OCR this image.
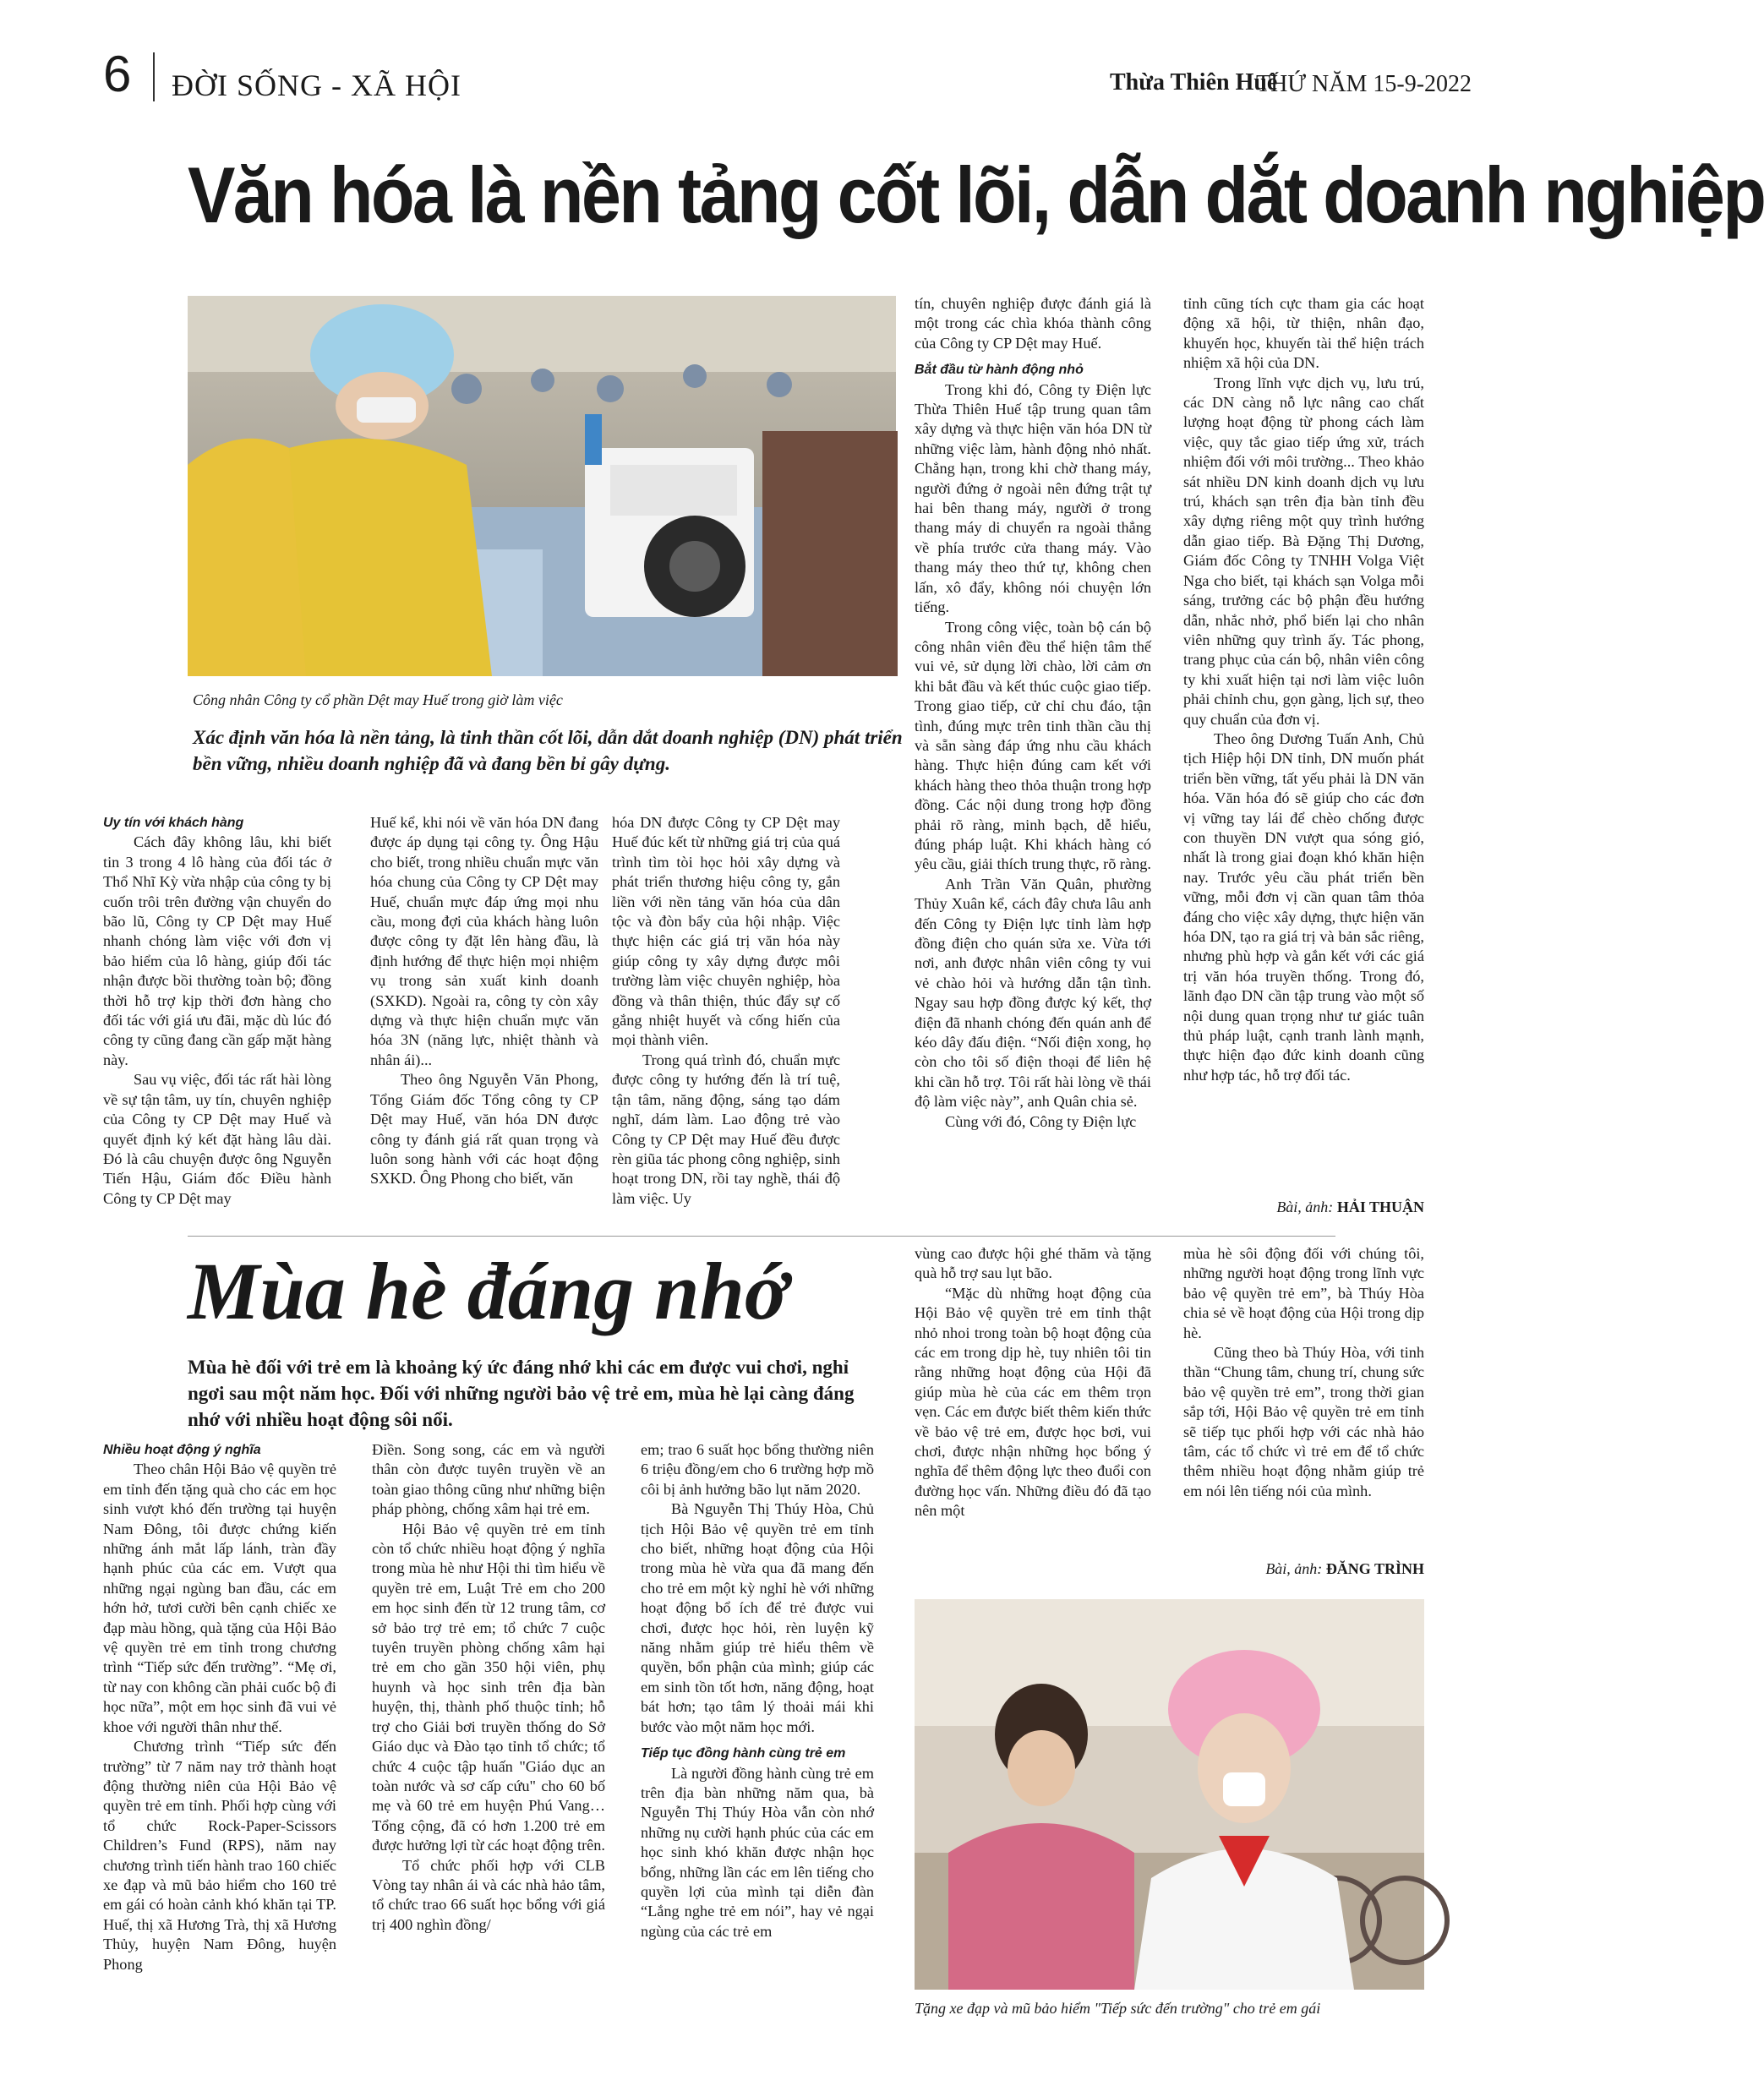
6 ĐỜI SỐNG - XÃ HỘI	Thừa Thiên Huế
THỨ NĂM 15-9-2022
Văn hóa là nền tảng cốt lõi, dẫn dắt doanh nghiệp
Công nhân Công ty cổ phần Dệt may Huế trong giờ làm việc
Xác định văn hóa là nền tảng, là tinh thần cốt lõi, dẫn dắt doanh nghiệp (DN) phát triển bền vững, nhiều doanh nghiệp đã và đang bền bỉ gây dựng.

Uy tín với khách hàng

Cách đây không lâu, khi biết tin 3 trong 4 lô hàng của đối tác ở Thổ Nhĩ Kỳ vừa nhập của công ty bị cuốn trôi trên đường vận chuyển do bão lũ, Công ty CP Dệt may Huế nhanh chóng làm việc với đơn vị bảo hiểm của lô hàng, giúp đối tác nhận được bồi thường toàn bộ; đồng thời hỗ trợ kịp thời đơn hàng cho đối tác với giá ưu đãi, mặc dù lúc đó công ty cũng đang cần gấp mặt hàng này.

Sau vụ việc, đối tác rất hài lòng về sự tận tâm, uy tín, chuyên nghiệp của Công ty CP Dệt may Huế và quyết định ký kết đặt hàng lâu dài. Đó là câu chuyện được ông Nguyễn Tiến Hậu, Giám đốc Điều hành Công ty CP Dệt may

Huế kể, khi nói về văn hóa DN đang được áp dụng tại công ty. Ông Hậu cho biết, trong nhiều chuẩn mực văn hóa chung của Công ty CP Dệt may Huế, chuẩn mực đáp ứng mọi nhu cầu, mong đợi của khách hàng luôn được công ty đặt lên hàng đầu, là định hướng để thực hiện mọi nhiệm vụ trong sản xuất kinh doanh (SXKD). Ngoài ra, công ty còn xây dựng và thực hiện chuẩn mực văn hóa 3N (năng lực, nhiệt thành và nhân ái)...

Theo ông Nguyễn Văn Phong, Tổng Giám đốc Tổng công ty CP Dệt may Huế, văn hóa DN được công ty đánh giá rất quan trọng và luôn song hành với các hoạt động SXKD. Ông Phong cho biết, văn

hóa DN được Công ty CP Dệt may Huế đúc kết từ những giá trị của quá trình tìm tòi học hỏi xây dựng và phát triển thương hiệu công ty, gắn liền với nền tảng văn hóa của dân tộc và đòn bẩy của hội nhập. Việc thực hiện các giá trị văn hóa này giúp công ty xây dựng được môi trường làm việc chuyên nghiệp, hòa đồng và thân thiện, thúc đẩy sự cố gắng nhiệt huyết và cống hiến của mọi thành viên.

Trong quá trình đó, chuẩn mực được công ty hướng đến là trí tuệ, tận tâm, năng động, sáng tạo dám nghĩ, dám làm. Lao động trẻ vào Công ty CP Dệt may Huế đều được rèn giũa tác phong công nghiệp, sinh hoạt trong DN, rồi tay nghề, thái độ làm việc. Uy

tín, chuyên nghiệp được đánh giá là một trong các chìa khóa thành công của Công ty CP Dệt may Huế.

Bắt đầu từ hành động nhỏ

Trong khi đó, Công ty Điện lực Thừa Thiên Huế tập trung quan tâm xây dựng và thực hiện văn hóa DN từ những việc làm, hành động nhỏ nhất. Chẳng hạn, trong khi chờ thang máy, người đứng ở ngoài nên đứng trật tự hai bên thang máy, người ở trong thang máy di chuyển ra ngoài thẳng về phía trước cửa thang máy. Vào thang máy theo thứ tự, không chen lấn, xô đẩy, không nói chuyện lớn tiếng.

Trong công việc, toàn bộ cán bộ công nhân viên đều thể hiện tâm thế vui vẻ, sử dụng lời chào, lời cảm ơn khi bắt đầu và kết thúc cuộc giao tiếp. Trong giao tiếp, cử chỉ chu đáo, tận tình, đúng mực trên tinh thần cầu thị và sẵn sàng đáp ứng nhu cầu khách hàng. Thực hiện đúng cam kết với khách hàng theo thỏa thuận trong hợp đồng. Các nội dung trong hợp đồng phải rõ ràng, minh bạch, dễ hiểu, đúng pháp luật. Khi khách hàng có yêu cầu, giải thích trung thực, rõ ràng.

Anh Trần Văn Quân, phường Thủy Xuân kể, cách đây chưa lâu anh đến Công ty Điện lực tỉnh làm hợp đồng điện cho quán sửa xe. Vừa tới nơi, anh được nhân viên công ty vui vẻ chào hỏi và hướng dẫn tận tình. Ngay sau hợp đồng được ký kết, thợ điện đã nhanh chóng đến quán anh để kéo dây đấu điện. “Nối điện xong, họ còn cho tôi số điện thoại để liên hệ khi cần hỗ trợ. Tôi rất hài lòng về thái độ làm việc này”, anh Quân chia sẻ.

Cùng với đó, Công ty Điện lực

tỉnh cũng tích cực tham gia các hoạt động xã hội, từ thiện, nhân đạo, khuyến học, khuyến tài thể hiện trách nhiệm xã hội của DN.

Trong lĩnh vực dịch vụ, lưu trú, các DN càng nỗ lực nâng cao chất lượng hoạt động từ phong cách làm việc, quy tắc giao tiếp ứng xử, trách nhiệm đối với môi trường... Theo khảo sát nhiều DN kinh doanh dịch vụ lưu trú, khách sạn trên địa bàn tỉnh đều xây dựng riêng một quy trình hướng dẫn giao tiếp. Bà Đặng Thị Dương, Giám đốc Công ty TNHH Volga Việt Nga cho biết, tại khách sạn Volga mỗi sáng, trưởng các bộ phận đều hướng dẫn, nhắc nhở, phổ biến lại cho nhân viên những quy trình ấy. Tác phong, trang phục của cán bộ, nhân viên công ty khi xuất hiện tại nơi làm việc luôn phải chỉnh chu, gọn gàng, lịch sự, theo quy chuẩn của đơn vị.

Theo ông Dương Tuấn Anh, Chủ tịch Hiệp hội DN tỉnh, DN muốn phát triển bền vững, tất yếu phải là DN văn hóa. Văn hóa đó sẽ giúp cho các đơn vị vững tay lái để chèo chống được con thuyền DN vượt qua sóng gió, nhất là trong giai đoạn khó khăn hiện nay. Trước yêu cầu phát triển bền vững, mỗi đơn vị cần quan tâm thỏa đáng cho việc xây dựng, thực hiện văn hóa DN, tạo ra giá trị và bản sắc riêng, nhưng phù hợp và gắn kết với các giá trị văn hóa truyền thống. Trong đó, lãnh đạo DN cần tập trung vào một số nội dung quan trọng như tư giác tuân thủ pháp luật, cạnh tranh lành mạnh, thực hiện đạo đức kinh doanh cũng như hợp tác, hỗ trợ đối tác.

Bài, ảnh: HẢI THUẬN
Mùa hè đáng nhớ
Mùa hè đối với trẻ em là khoảng ký ức đáng nhớ khi các em được vui chơi, nghỉ ngơi sau một năm học. Đối với những người bảo vệ trẻ em, mùa hè lại càng đáng nhớ với nhiều hoạt động sôi nổi.

Nhiều hoạt động ý nghĩa

Theo chân Hội Bảo vệ quyền trẻ em tỉnh đến tặng quà cho các em học sinh vượt khó đến trường tại huyện Nam Đông, tôi được chứng kiến những ánh mắt lấp lánh, tràn đầy hạnh phúc của các em. Vượt qua những ngại ngùng ban đầu, các em hớn hở, tươi cười bên cạnh chiếc xe đạp màu hồng, quà tặng của Hội Bảo vệ quyền trẻ em tỉnh trong chương trình “Tiếp sức đến trường”. “Mẹ ơi, từ nay con không cần phải cuốc bộ đi học nữa”, một em học sinh đã vui vẻ khoe với người thân như thế.

Chương trình “Tiếp sức đến trường” từ 7 năm nay trở thành hoạt động thường niên của Hội Bảo vệ quyền trẻ em tỉnh. Phối hợp cùng với tổ chức Rock-Paper-Scissors Children’s Fund (RPS), năm nay chương trình tiến hành trao 160 chiếc xe đạp và mũ bảo hiểm cho 160 trẻ em gái có hoàn cảnh khó khăn tại TP. Huế, thị xã Hương Trà, thị xã Hương Thủy, huyện Nam Đông, huyện Phong

Điền. Song song, các em và người thân còn được tuyên truyền về an toàn giao thông cũng như những biện pháp phòng, chống xâm hại trẻ em.

Hội Bảo vệ quyền trẻ em tỉnh còn tổ chức nhiều hoạt động ý nghĩa trong mùa hè như Hội thi tìm hiểu về quyền trẻ em, Luật Trẻ em cho 200 em học sinh đến từ 12 trung tâm, cơ sở bảo trợ trẻ em; tổ chức 7 cuộc tuyên truyền phòng chống xâm hại trẻ em cho gần 350 hội viên, phụ huynh và học sinh trên địa bàn huyện, thị, thành phố thuộc tỉnh; hỗ trợ cho Giải bơi truyền thống do Sở Giáo dục và Đào tạo tỉnh tổ chức; tổ chức 4 cuộc tập huấn "Giáo dục an toàn nước và sơ cấp cứu" cho 60 bố mẹ và 60 trẻ em huyện Phú Vang… Tổng cộng, đã có hơn 1.200 trẻ em được hưởng lợi từ các hoạt động trên.

Tổ chức phối hợp với CLB Vòng tay nhân ái và các nhà hảo tâm, tổ chức trao 66 suất học bổng với giá trị 400 nghìn đồng/

em; trao 6 suất học bổng thường niên 6 triệu đồng/em cho 6 trường hợp mồ côi bị ảnh hưởng bão lụt năm 2020.

Bà Nguyễn Thị Thúy Hòa, Chủ tịch Hội Bảo vệ quyền trẻ em tỉnh cho biết, những hoạt động của Hội trong mùa hè vừa qua đã mang đến cho trẻ em một kỳ nghỉ hè với những hoạt động bổ ích để trẻ được vui chơi, được học hỏi, rèn luyện kỹ năng nhằm giúp trẻ hiểu thêm về quyền, bổn phận của mình; giúp các em sinh tồn tốt hơn, năng động, hoạt bát hơn; tạo tâm lý thoải mái khi bước vào một năm học mới.

Tiếp tục đồng hành cùng trẻ em

Là người đồng hành cùng trẻ em trên địa bàn những năm qua, bà Nguyễn Thị Thúy Hòa vẫn còn nhớ những nụ cười hạnh phúc của các em học sinh khó khăn được nhận học bổng, những lần các em lên tiếng cho quyền lợi của mình tại diễn đàn “Lắng nghe trẻ em nói”, hay vẻ ngại ngùng của các trẻ em

vùng cao được hội ghé thăm và tặng quà hỗ trợ sau lụt bão.

“Mặc dù những hoạt động của Hội Bảo vệ quyền trẻ em tỉnh thật nhỏ nhoi trong toàn bộ hoạt động của các em trong dịp hè, tuy nhiên tôi tin rằng những hoạt động của Hội đã giúp mùa hè của các em thêm trọn vẹn. Các em được biết thêm kiến thức về bảo vệ trẻ em, được học bơi, vui chơi, được nhận những học bổng ý nghĩa để thêm động lực theo đuổi con đường học vấn. Những điều đó đã tạo nên một

mùa hè sôi động đối với chúng tôi, những người hoạt động trong lĩnh vực bảo vệ quyền trẻ em”, bà Thúy Hòa chia sẻ về hoạt động của Hội trong dịp hè.

Cũng theo bà Thúy Hòa, với tinh thần “Chung tâm, chung trí, chung sức bảo vệ quyền trẻ em”, trong thời gian sắp tới, Hội Bảo vệ quyền trẻ em tỉnh sẽ tiếp tục phối hợp với các nhà hảo tâm, các tổ chức vì trẻ em để tổ chức thêm nhiều hoạt động nhằm giúp trẻ em nói lên tiếng nói của mình.

Bài, ảnh: ĐĂNG TRÌNH
Tặng xe đạp và mũ bảo hiểm "Tiếp sức đến trường" cho trẻ em gái
